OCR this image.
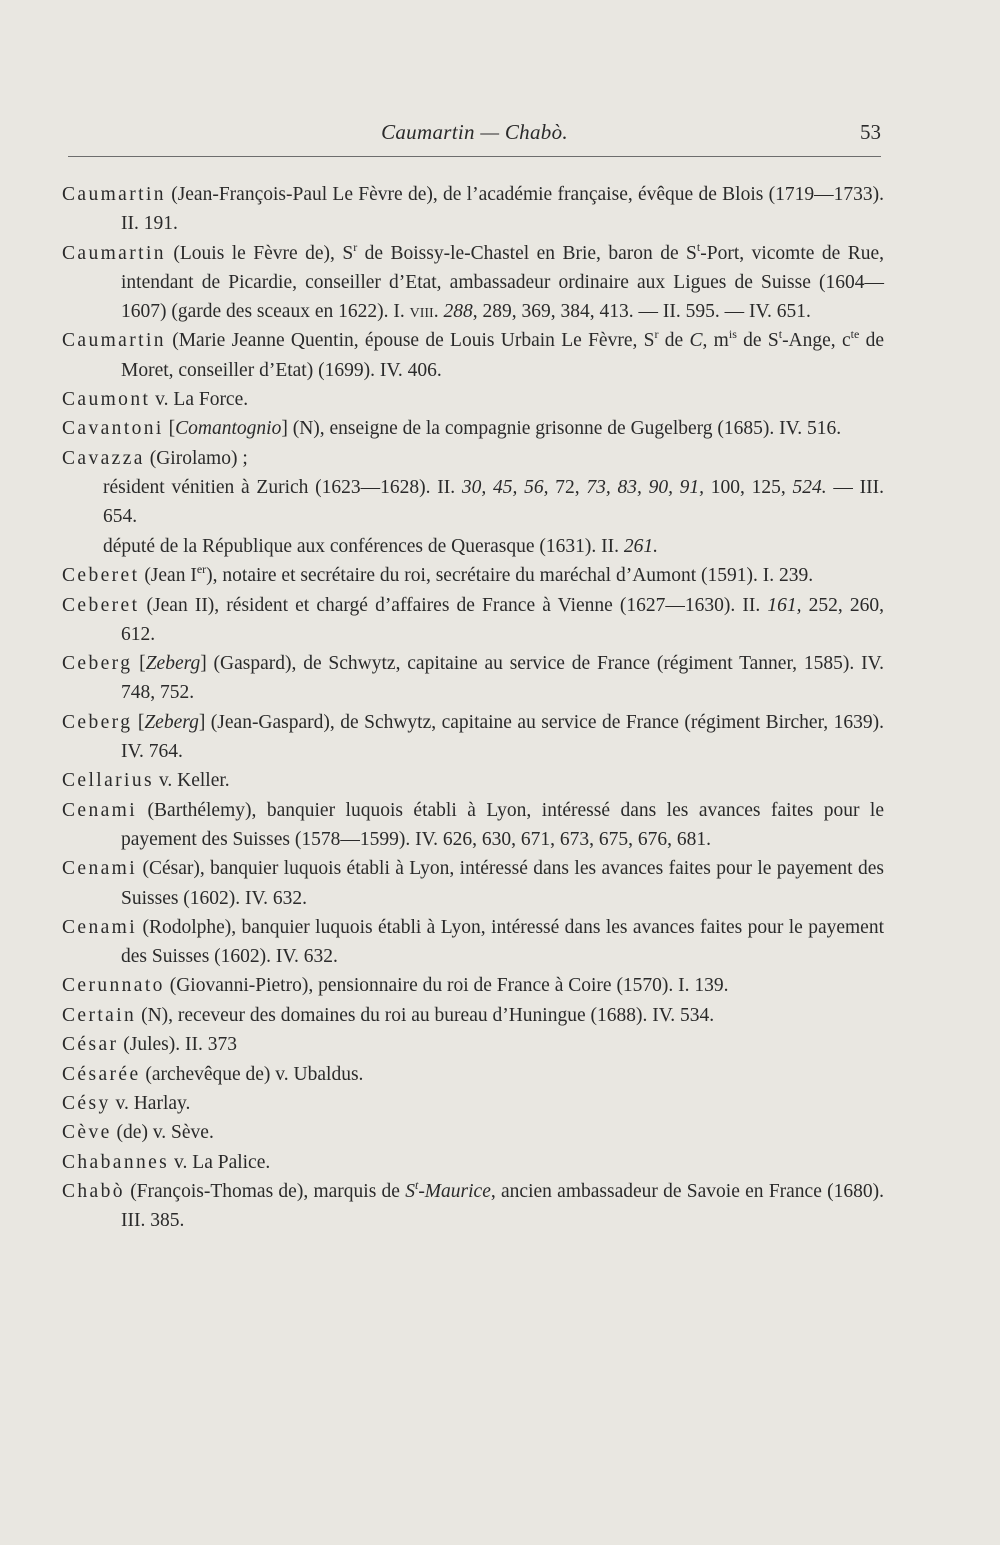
Caumartin — Chabò.	53

Caumartin (Jean-François-Paul Le Fèvre de), de l’académie française, évêque de Blois (1719—1733). II. 191.

Caumartin (Louis le Fèvre de), $S^r$ de Boissy-le-Chastel en Brie, baron de $S^t$-Port, vicomte de Rue, intendant de Picardie, conseiller d’Etat, ambassadeur ordinaire aux Ligues de Suisse (1604—1607) (garde des sceaux en 1622). I. viii. 288, 289, 369, 384, 413. — II. 595. — IV. 651.

Caumartin (Marie Jeanne Quentin, épouse de Louis Urbain Le Fèvre, $S^r$ de C, $m^{is}$ de $S^t$-Ange, $c^{te}$ de Moret, conseiller d’Etat) (1699). IV. 406.

Caumont v. La Force.

Cavantoni [Comantognio] (N), enseigne de la compagnie grisonne de Gugelberg (1685). IV. 516.

Cavazza (Girolamo) ;

résident vénitien à Zurich (1623—1628). II. 30, 45, 56, 72, 73, 83, 90, 91, 100, 125, 524. — III. 654.

député de la République aux conférences de Querasque (1631). II. 261.

Ceberet (Jean Ier), notaire et secrétaire du roi, secrétaire du maréchal d’Aumont (1591). I. 239.

Ceberet (Jean II), résident et chargé d’affaires de France à Vienne (1627—1630). II. 161, 252, 260, 612.

Ceberg [Zeberg] (Gaspard), de Schwytz, capitaine au service de France (régiment Tanner, 1585). IV. 748, 752.

Ceberg [Zeberg] (Jean-Gaspard), de Schwytz, capitaine au service de France (régiment Bircher, 1639). IV. 764.

Cellarius v. Keller.

Cenami (Barthélemy), banquier luquois établi à Lyon, intéressé dans les avances faites pour le payement des Suisses (1578—1599). IV. 626, 630, 671, 673, 675, 676, 681.

Cenami (César), banquier luquois établi à Lyon, intéressé dans les avances faites pour le payement des Suisses (1602). IV. 632.

Cenami (Rodolphe), banquier luquois établi à Lyon, intéressé dans les avances faites pour le payement des Suisses (1602). IV. 632.

Cerunnato (Giovanni-Pietro), pensionnaire du roi de France à Coire (1570). I. 139.

Certain (N), receveur des domaines du roi au bureau d’Huningue (1688). IV. 534.

César (Jules). II. 373

Césarée (archevêque de) v. Ubaldus.

Césy v. Harlay.

Cève (de) v. Sève.

Chabannes v. La Palice.

Chabò (François-Thomas de), marquis de $S^t$-Maurice, ancien ambassadeur de Savoie en France (1680). III. 385.
